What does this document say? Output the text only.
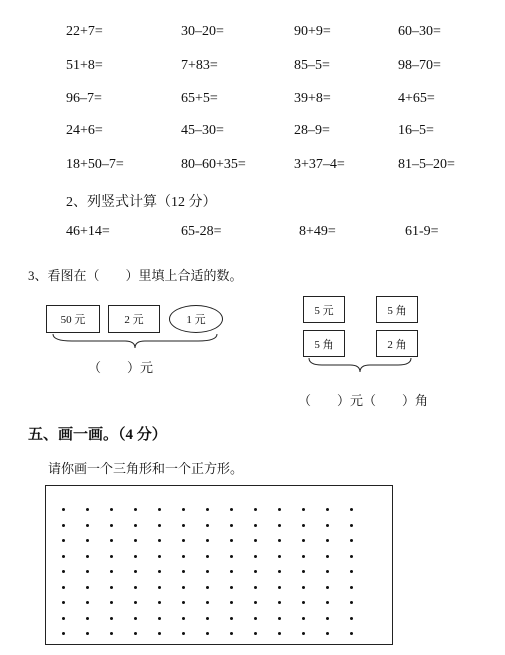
22+7=	30–20=	90+9=	60–30=
51+8=	7+83=	85–5=	98–70=
96–7=	65+5=	39+8=	4+65=
24+6=	45–30=	28–9=	16–5=
18+50–7=	80–60+35=	3+37–4=	81–5–20=
2、列竖式计算（12 分）
46+14=	65-28=	8+49=	61-9=
3、看图在（　　）里填上合适的数。
50 元	2 元	1 元
（　　）元
5 元	5 角
5 角	2 角
（　　）元（　　）角
五、画一画。（4 分）
请你画一个三角形和一个正方形。
